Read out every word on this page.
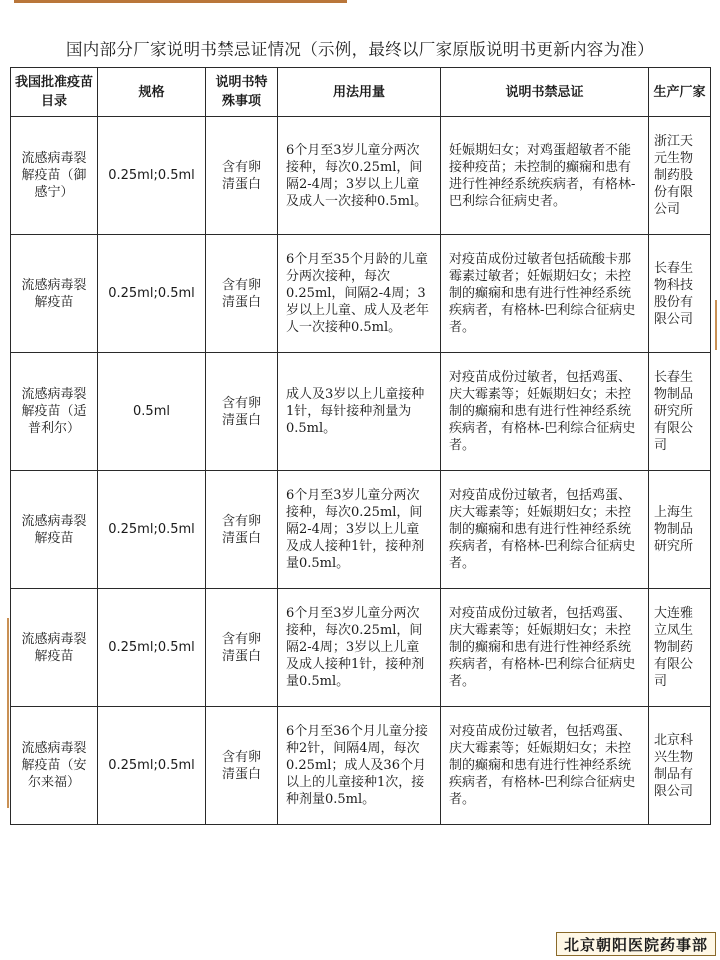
国内部分厂家说明书禁忌证情况（示例，最终以厂家原版说明书更新内容为准）
我国批准疫苗目录	规格	说明书特殊事项	用法用量	说明书禁忌证	生产厂家
流感病毒裂解疫苗（御感宁）	0.25ml;0.5ml	含有卵清蛋白	6个月至3岁儿童分两次接种，每次0.25ml，间隔2-4周；3岁以上儿童及成人一次接种0.5ml。	妊娠期妇女；对鸡蛋超敏者不能接种疫苗；未控制的癫痫和患有进行性神经系统疾病者，有格林-巴利综合征病史者。	浙江天元生物制药股份有限公司
流感病毒裂解疫苗	0.25ml;0.5ml	含有卵清蛋白	6个月至35个月龄的儿童分两次接种，每次0.25ml，间隔2-4周；3岁以上儿童、成人及老年人一次接种0.5ml。	对疫苗成份过敏者包括硫酸卡那霉素过敏者；妊娠期妇女；未控制的癫痫和患有进行性神经系统疾病者，有格林-巴利综合征病史者。	长春生物科技股份有限公司
流感病毒裂解疫苗（适普利尔）	0.5ml	含有卵清蛋白	成人及3岁以上儿童接种1针，每针接种剂量为0.5ml。	对疫苗成份过敏者，包括鸡蛋、庆大霉素等；妊娠期妇女；未控制的癫痫和患有进行性神经系统疾病者，有格林-巴利综合征病史者。	长春生物制品 研究所有限公司
流感病毒裂解疫苗	0.25ml;0.5ml	含有卵清蛋白	6个月至3岁儿童分两次接种，每次0.25ml，间隔2-4周；3岁以上儿童及成人接种1针，接种剂量0.5ml。	对疫苗成份过敏者，包括鸡蛋、庆大霉素等；妊娠期妇女；未控制的癫痫和患有进行性神经系统疾病者，有格林-巴利综合征病史者。	上海生物制品研究所
流感病毒裂解疫苗	0.25ml;0.5ml	含有卵清蛋白	6个月至3岁儿童分两次接种，每次0.25ml，间隔2-4周；3岁以上儿童及成人接种1针，接种剂量0.5ml。	对疫苗成份过敏者，包括鸡蛋、庆大霉素等；妊娠期妇女；未控制的癫痫和患有进行性神经系统疾病者，有格林-巴利综合征病史者。	大连雅立凤生物制药有限公司
流感病毒裂解疫苗（安尔来福）	0.25ml;0.5ml	含有卵清蛋白	6个月至36个月儿童分接种2针，间隔4周，每次0.25ml；成人及36个月以上的儿童接种1次，接种剂量0.5ml。	对疫苗成份过敏者，包括鸡蛋、庆大霉素等；妊娠期妇女；未控制的癫痫和患有进行性神经系统疾病者，有格林-巴利综合征病史者。	北京科兴生物制品有限公司
北京朝阳医院药事部
